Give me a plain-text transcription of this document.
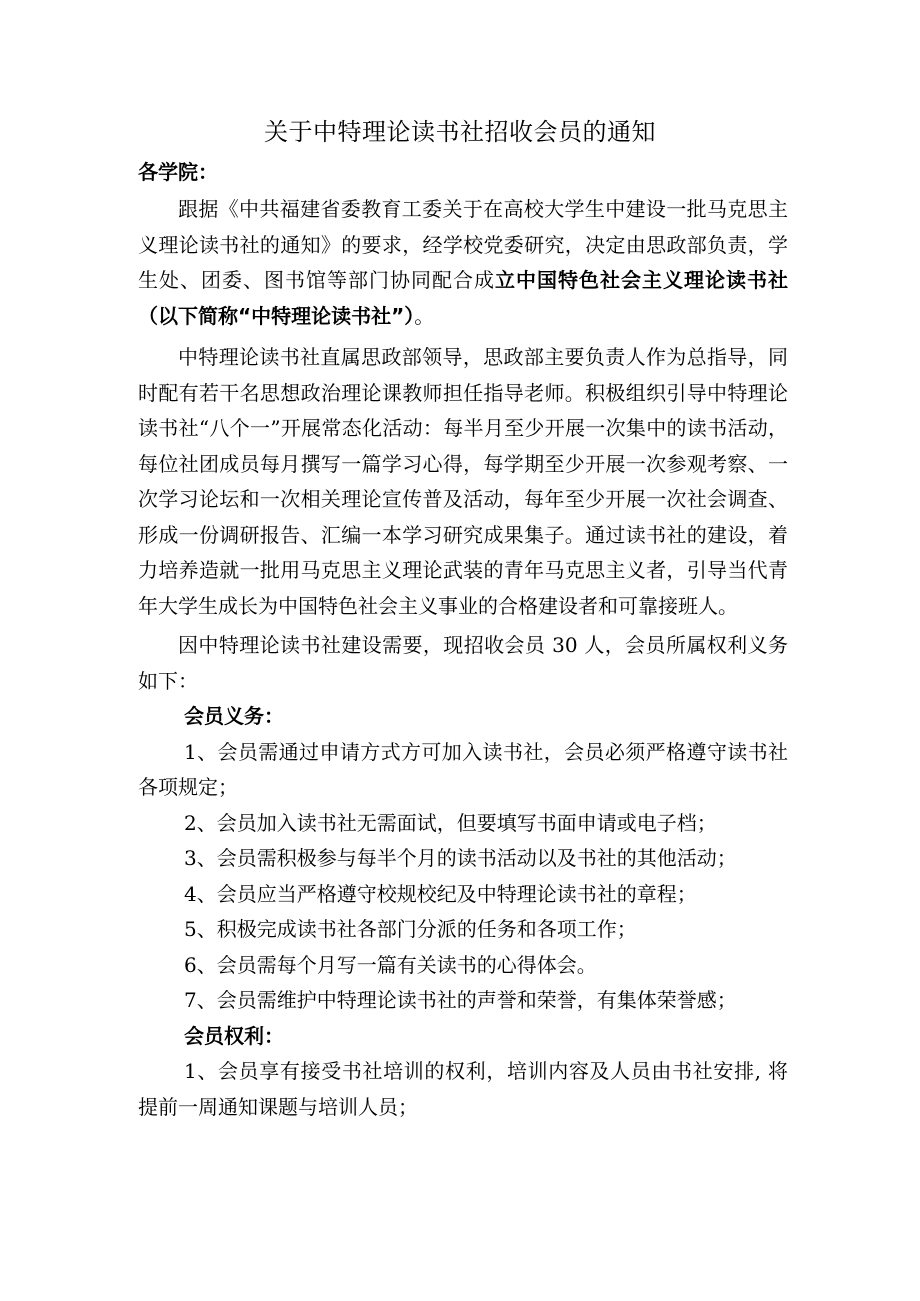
关于中特理论读书社招收会员的通知
各学院：

跟据《中共福建省委教育工委关于在高校大学生中建设一批马克思主义理论读书社的通知》的要求，经学校党委研究，决定由思政部负责，学生处、团委、图书馆等部门协同配合成立中国特色社会主义理论读书社（以下简称“中特理论读书社”）。

中特理论读书社直属思政部领导，思政部主要负责人作为总指导，同时配有若干名思想政治理论课教师担任指导老师。积极组织引导中特理论读书社“八个一”开展常态化活动：每半月至少开展一次集中的读书活动，每位社团成员每月撰写一篇学习心得，每学期至少开展一次参观考察、一次学习论坛和一次相关理论宣传普及活动，每年至少开展一次社会调查、形成一份调研报告、汇编一本学习研究成果集子。通过读书社的建设，着力培养造就一批用马克思主义理论武装的青年马克思主义者，引导当代青年大学生成长为中国特色社会主义事业的合格建设者和可靠接班人。

因中特理论读书社建设需要，现招收会员 30 人，会员所属权利义务如下：

会员义务：

1、会员需通过申请方式方可加入读书社，会员必须严格遵守读书社各项规定；

2、会员加入读书社无需面试，但要填写书面申请或电子档；

3、会员需积极参与每半个月的读书活动以及书社的其他活动；

4、会员应当严格遵守校规校纪及中特理论读书社的章程；

5、积极完成读书社各部门分派的任务和各项工作；

6、会员需每个月写一篇有关读书的心得体会。

7、会员需维护中特理论读书社的声誉和荣誉，有集体荣誉感；

会员权利：

1、会员享有接受书社培训的权利，培训内容及人员由书社安排, 将提前一周通知课题与培训人员；
